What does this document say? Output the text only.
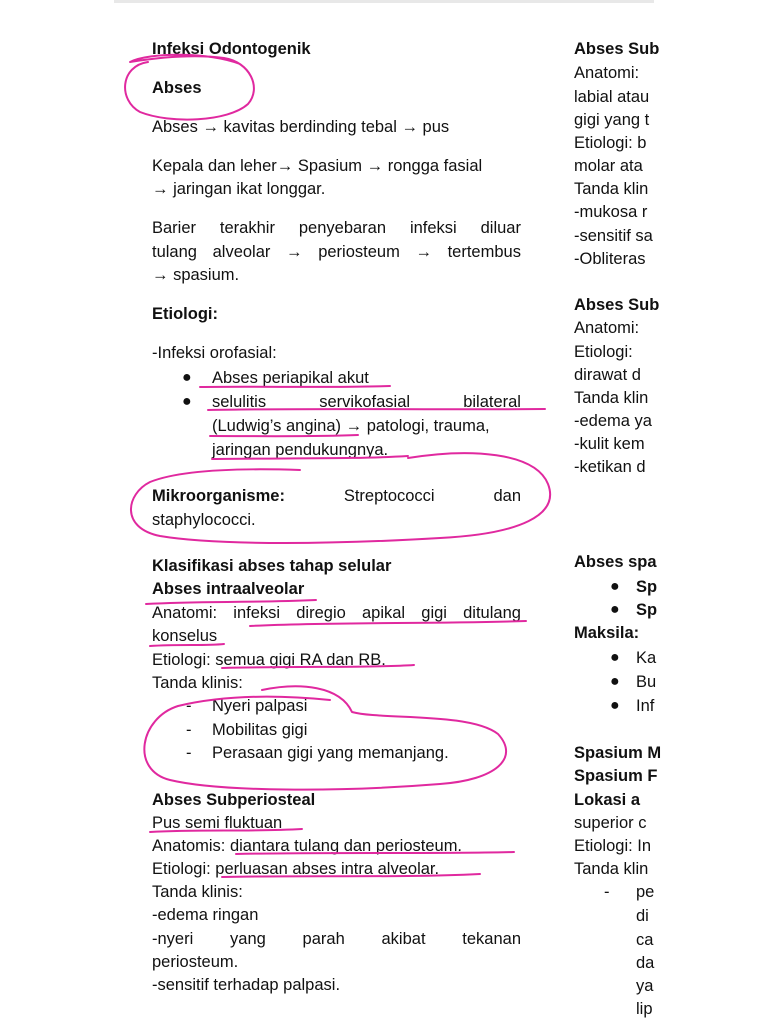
Infeksi Odontogenik
Abses
Abses → kavitas berdinding tebal → pus
Kepala dan leher→ Spasium → rongga fasial
→ jaringan ikat longgar.
Barier terakhir penyebaran infeksi diluar
tulang alveolar → periosteum → tertembus
→ spasium.
Etiologi:
-Infeksi orofasial:
● Abses periapikal akut
● selulitis	servikofasial	bilateral
(Ludwig’s angina) → patologi, trauma,
jaringan pendukungnya.
Mikroorganisme:	Streptococci	dan
staphylococci.
Klasifikasi abses tahap selular
Abses intraalveolar
Anatomi: infeksi diregio apikal gigi ditulang
konselus
Etiologi: semua gigi RA dan RB.
Tanda klinis:
- Nyeri palpasi
- Mobilitas gigi
- Perasaan gigi yang memanjang.
Abses Subperiosteal
Pus semi fluktuan
Anatomis: diantara tulang dan periosteum.
Etiologi: perluasan abses intra alveolar.
Tanda klinis:
-edema ringan
-nyeri yang parah akibat tekanan
periosteum.
-sensitif terhadap palpasi.
Abses Sub
Anatomi:
labial atau
gigi yang t
Etiologi: b
molar ata
Tanda klin
-mukosa r
-sensitif sa
-Obliteras
Abses Sub
Anatomi:
Etiologi:
dirawat d
Tanda klin
-edema ya
-kulit kem
-ketikan d
Abses spa
● Sp
● Sp
Maksila:
● Ka
● Bu
● Inf
Spasium M
Spasium F
Lokasi a
superior c
Etiologi: In
Tanda klin
- pe
di
ca
da
ya
lip
